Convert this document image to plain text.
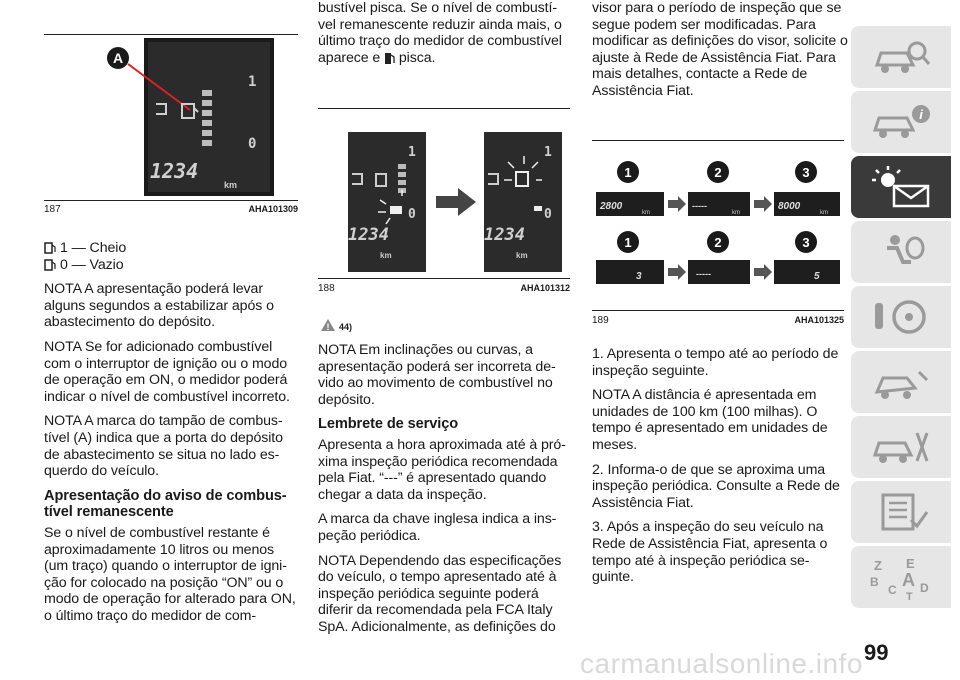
A
1
0
1234
km
187	AHA101309

1 — Cheio

0 — Vazio

NOTA A apresentação poderá levar alguns segundos a estabilizar após o abastecimento do depósito.

NOTA Se for adicionado combustível com o interruptor de ignição ou o modo de operação em ON, o medidor poderá indicar o nível de combustível incorreto.

NOTA A marca do tampão de combus-tível (A) indica que a porta do depósito de abastecimento se situa no lado es-querdo do veículo.

Apresentação do aviso de combus-tível remanescente

Se o nível de combustível restante é aproximadamente 10 litros ou menos (um traço) quando o interruptor de igni-ção for colocado na posição “ON” ou o modo de operação for alterado para ON, o último traço do medidor de com-

bustível pisca. Se o nível de combustí-vel remanescente reduzir ainda mais, o último traço do medidor de combustível aparece e pisca.

1
0
1234
km
1
0
1234
km
188	AHA101312
! 44)

NOTA Em inclinações ou curvas, a apresentação poderá ser incorreta de-vido ao movimento de combustível no depósito.

Lembrete de serviço

Apresenta a hora aproximada até à pró-xima inspeção periódica recomendada pela Fiat. “---” é apresentado quando chegar a data da inspeção.

A marca da chave inglesa indica a ins-peção periódica.

NOTA Dependendo das especificações do veículo, o tempo apresentado até à inspeção periódica seguinte poderá diferir da recomendada pela FCA Italy SpA. Adicionalmente, as definições do

visor para o período de inspeção que se segue podem ser modificadas. Para modificar as definições do visor, solicite o ajuste à Rede de Assistência Fiat. Para mais detalhes, contacte a Rede de Assistência Fiat.

1	2	3
2800
km
-----
km
8000
km
1	2	3
3	-----	5
189	AHA101325

1. Apresenta o tempo até ao período de inspeção seguinte.

NOTA A distância é apresentada em unidades de 100 km (100 milhas). O tempo é apresentado em unidades de meses.

2. Informa-o de que se aproxima uma inspeção periódica. Consulte a Rede de Assistência Fiat.

3. Após a inspeção do seu veículo na Rede de Assistência Fiat, apresenta o tempo até à inspeção periódica se-guinte.

i
Z E
B A
C D
T
99
carmanualsonline.info
